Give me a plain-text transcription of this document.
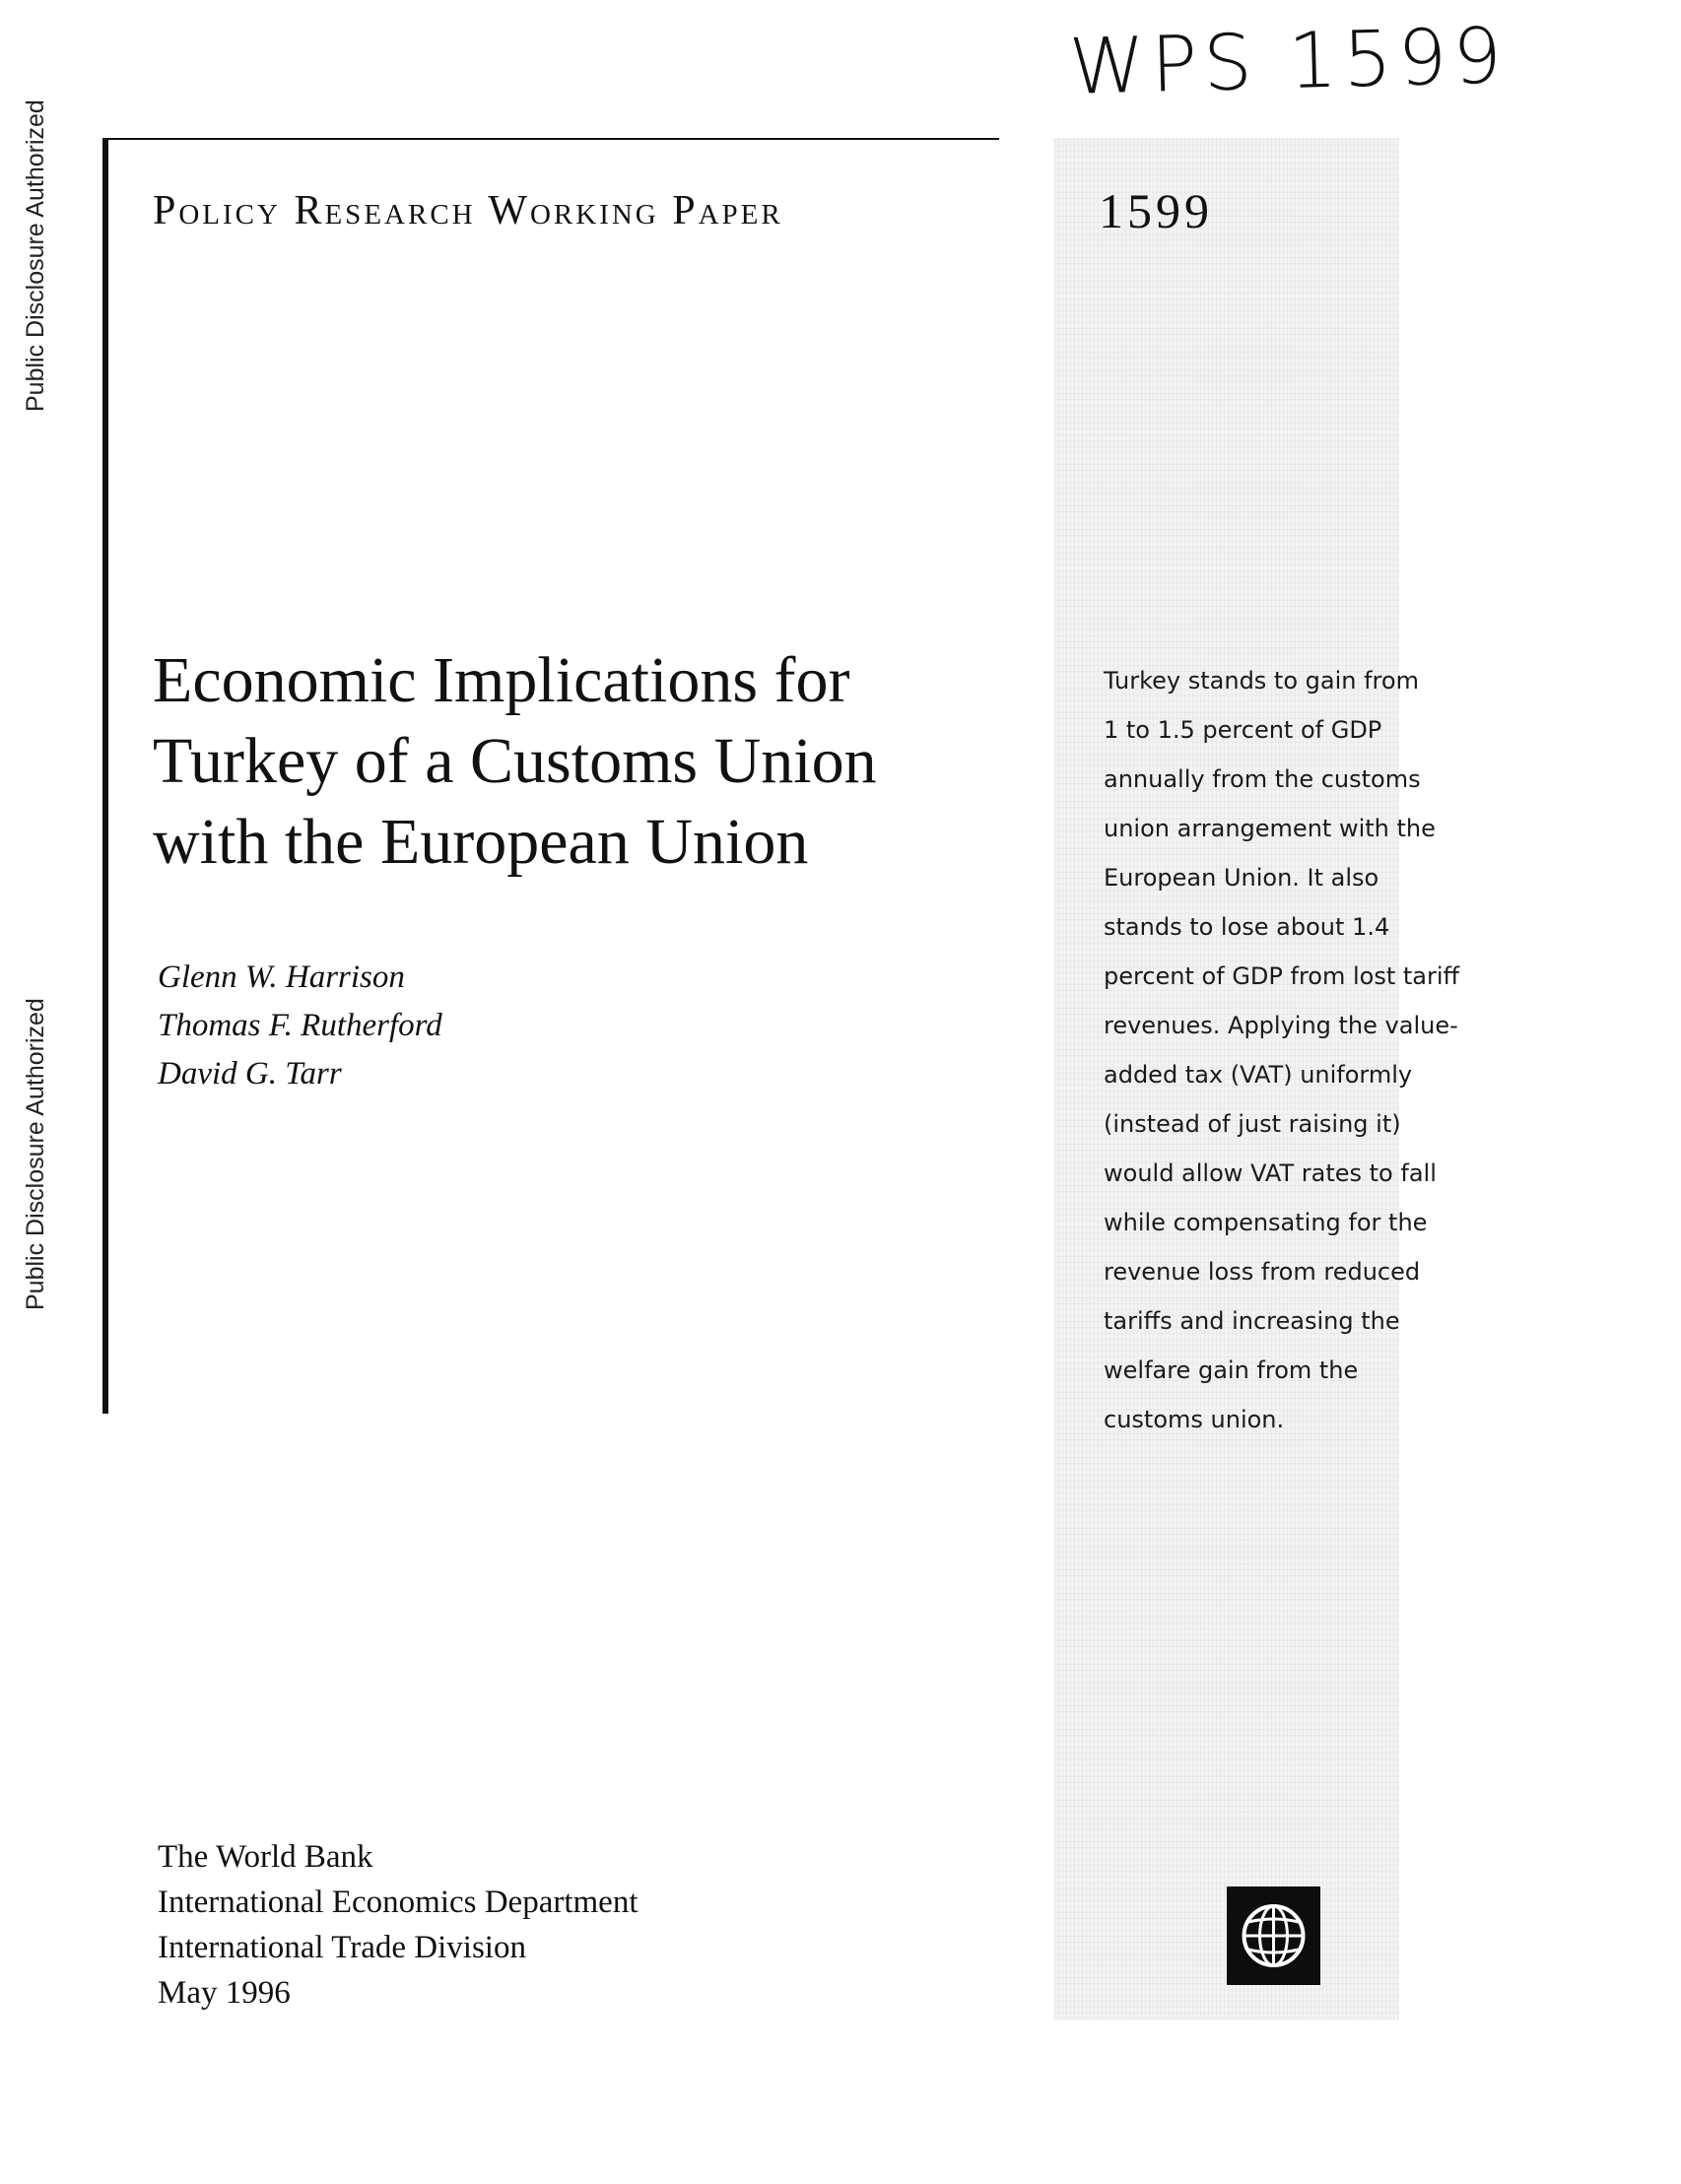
Public Disclosure Authorized
Public Disclosure Authorized
WPS 1599
Policy Research Working Paper	1599
Economic Implications for
Turkey of a Customs Union
with the European Union
Glenn W. Harrison
Thomas F. Rutherford
David G. Tarr
Turkey stands to gain from
1 to 1.5 percent of GDP
annually from the customs
union arrangement with the
European Union. It also
stands to lose about 1.4
percent of GDP from lost tariff
revenues. Applying the value-
added tax (VAT) uniformly
(instead of just raising it)
would allow VAT rates to fall
while compensating for the
revenue loss from reduced
tariffs and increasing the
welfare gain from the
customs union.
The World Bank
International Economics Department
International Trade Division
May 1996
